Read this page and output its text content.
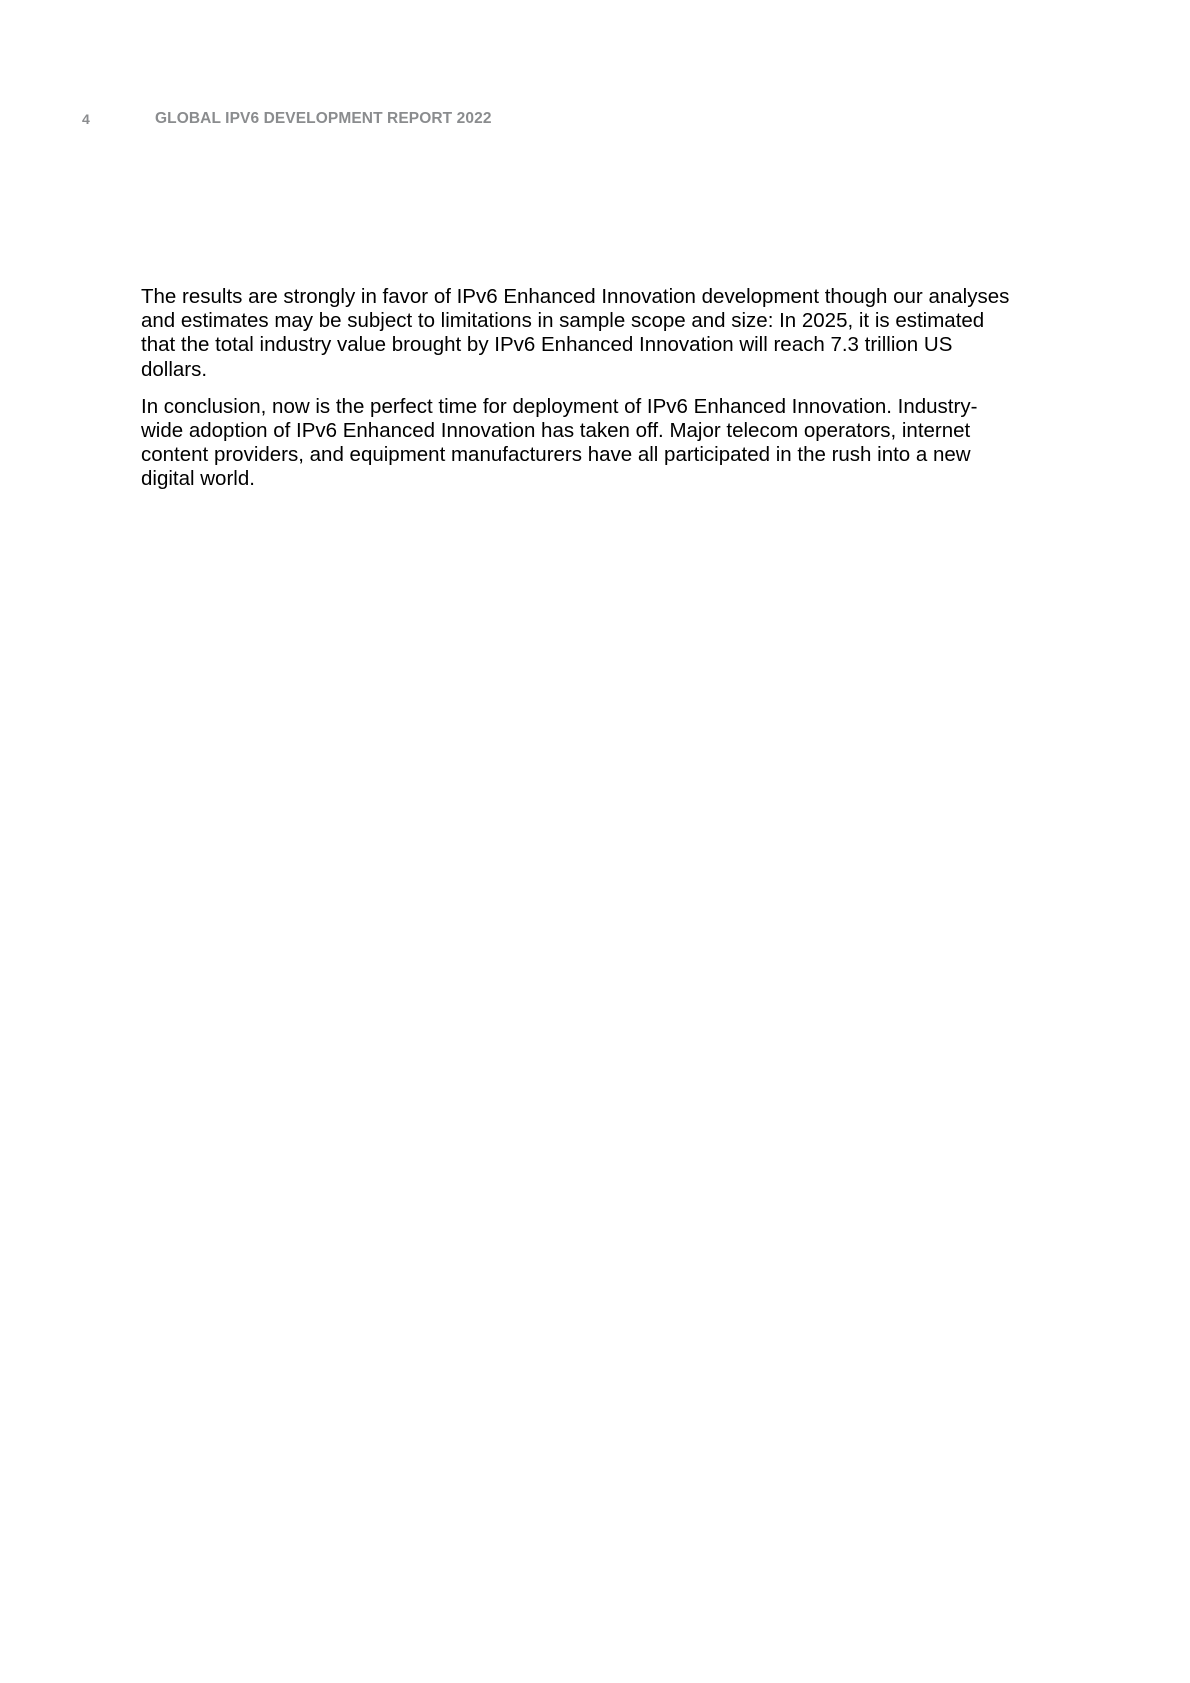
4	GLOBAL IPV6 DEVELOPMENT REPORT 2022

The results are strongly in favor of IPv6 Enhanced Innovation development though our analyses and estimates may be subject to limitations in sample scope and size: In 2025, it is estimated that the total industry value brought by IPv6 Enhanced Innovation will reach 7.3 trillion US dollars.

In conclusion, now is the perfect time for deployment of IPv6 Enhanced Innovation. Industry-wide adoption of IPv6 Enhanced Innovation has taken off. Major telecom operators, internet content providers, and equipment manufacturers have all participated in the rush into a new digital world.
